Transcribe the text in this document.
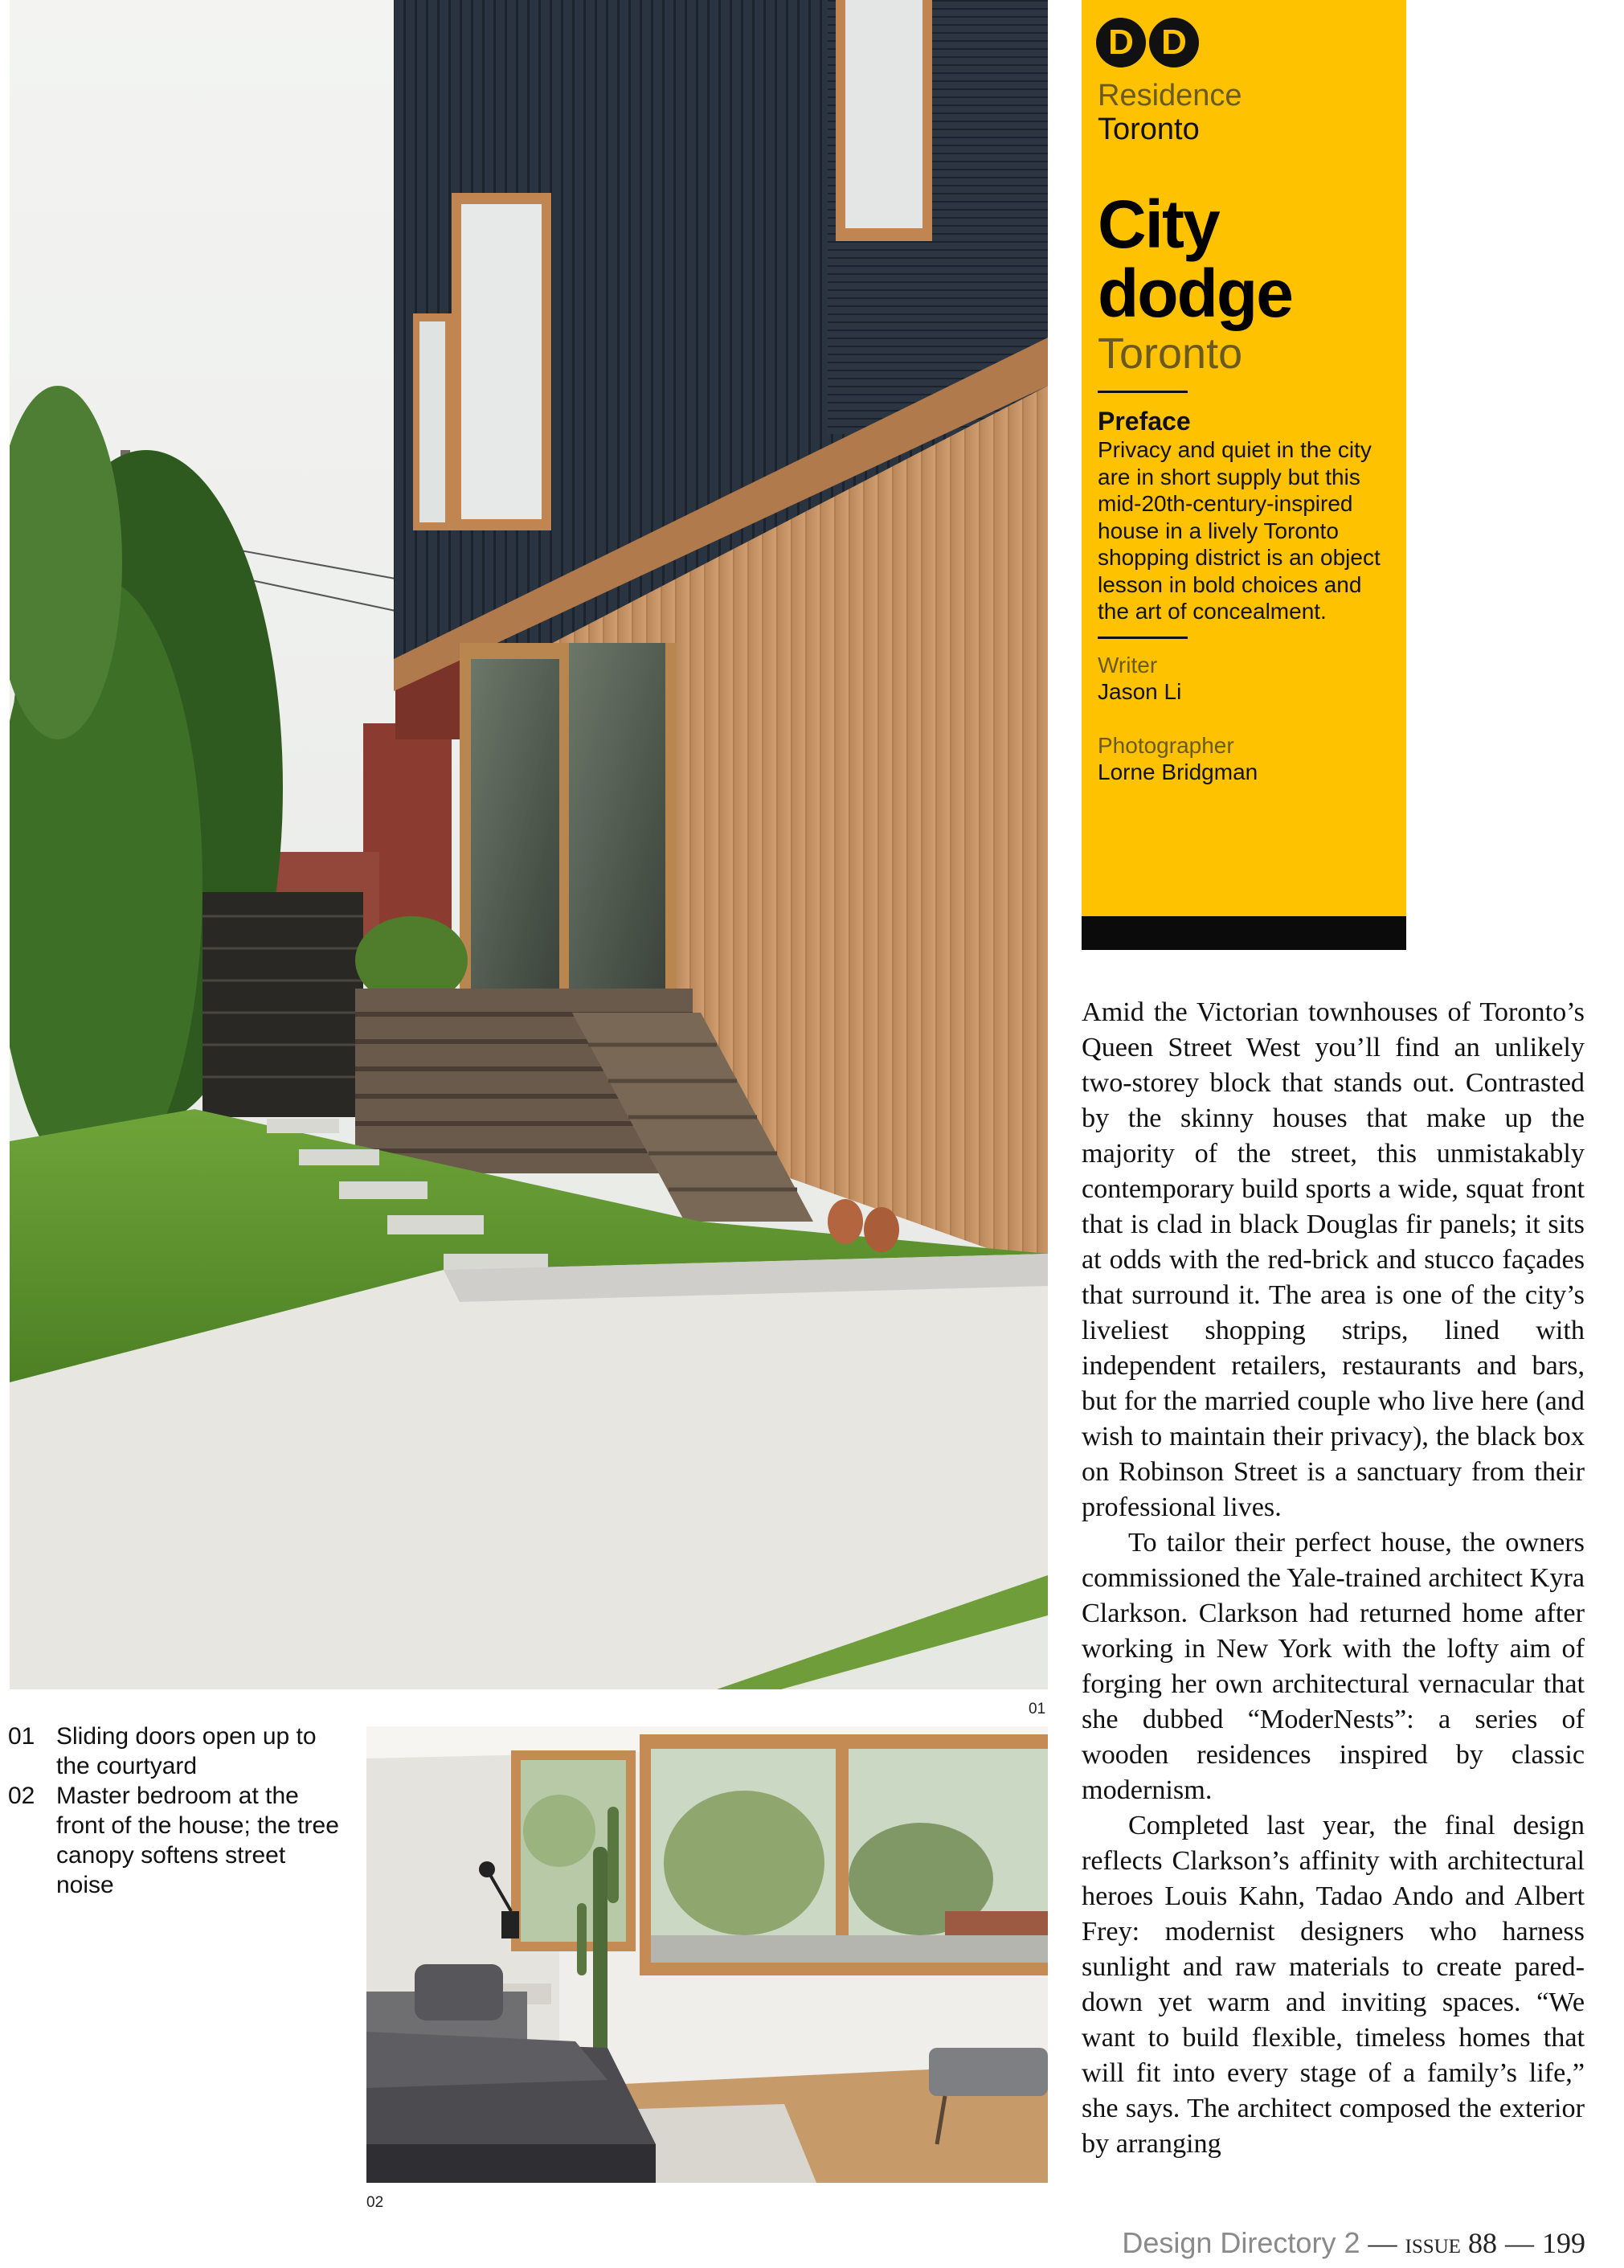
01
02
01 Sliding doors open up to the courtyard
02 Master bedroom at the front of the house; the tree canopy softens street noise
D D
Residence
Toronto
City
dodge
Toronto
Preface
Privacy and quiet in the city are in short supply but this mid-20th-century-inspired house in a lively Toronto shopping district is an object lesson in bold choices and the art of concealment.
Writer
Jason Li
Photographer
Lorne Bridgman

Amid the Victorian townhouses of Toronto’s Queen Street West you’ll find an unlikely two-storey block that stands out. Contrasted by the skinny houses that make up the majority of the street, this unmistakably contemporary build sports a wide, squat front that is clad in black Douglas fir panels; it sits at odds with the red-brick and stucco façades that surround it. The area is one of the city’s liveliest shopping strips, lined with independent retailers, restaurants and bars, but for the married couple who live here (and wish to maintain their privacy), the black box on Robinson Street is a sanctuary from their professional lives.

To tailor their perfect house, the owners commissioned the Yale-trained architect Kyra Clarkson. Clarkson had returned home after working in New York with the lofty aim of forging her own architectural vernacular that she dubbed “ModerNests”: a series of wooden residences inspired by classic modernism.

Completed last year, the final design reflects Clarkson’s affinity with architectural heroes Louis Kahn, Tadao Ando and Albert Frey: modernist designers who harness sunlight and raw materials to create pared-down yet warm and inviting spaces. “We want to build flexible, timeless homes that will fit into every stage of a family’s life,” she says. The architect composed the exterior by arranging

Design Directory 2 — issue 88 — 199
